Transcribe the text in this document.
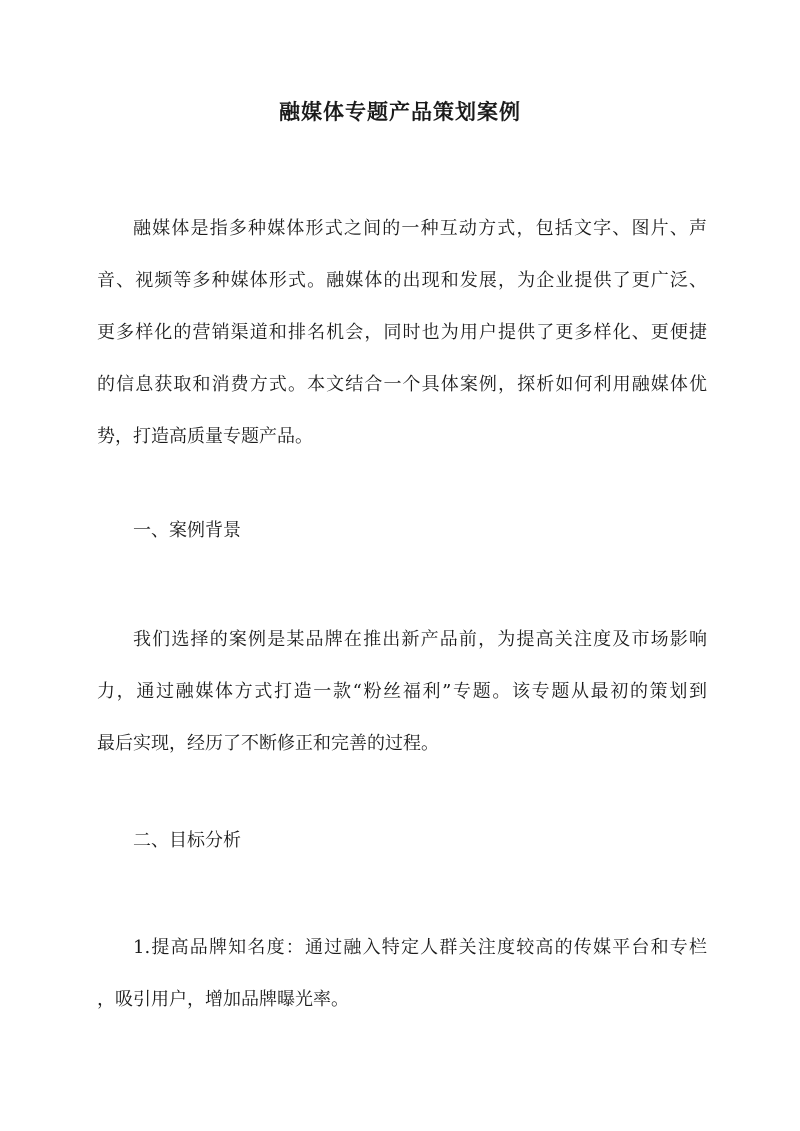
融媒体专题产品策划案例
融媒体是指多种媒体形式之间的一种互动方式，包括文字、图片、声
音、视频等多种媒体形式。融媒体的出现和发展，为企业提供了更广泛、
更多样化的营销渠道和排名机会，同时也为用户提供了更多样化、更便捷
的信息获取和消费方式。本文结合一个具体案例，探析如何利用融媒体优
势，打造高质量专题产品。
一、案例背景
我们选择的案例是某品牌在推出新产品前，为提高关注度及市场影响
力，通过融媒体方式打造一款“粉丝福利”专题。该专题从最初的策划到
最后实现，经历了不断修正和完善的过程。
二、目标分析
1.提高品牌知名度：通过融入特定人群关注度较高的传媒平台和专栏
，吸引用户，增加品牌曝光率。
